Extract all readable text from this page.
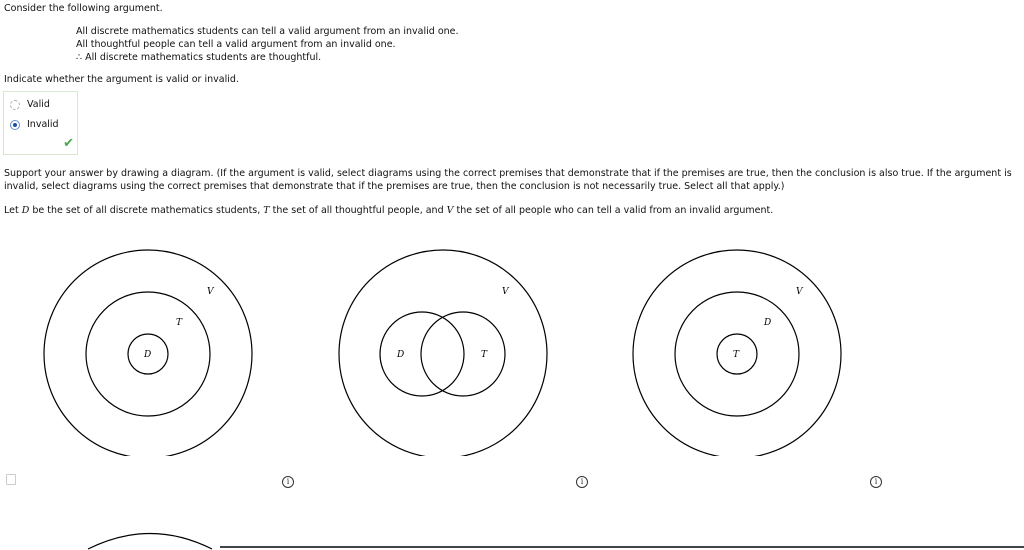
Consider the following argument.
All discrete mathematics students can tell a valid argument from an invalid one.
All thoughtful people can tell a valid argument from an invalid one.
∴ All discrete mathematics students are thoughtful.
Indicate whether the argument is valid or invalid.
Valid
Invalid
✔
Support your answer by drawing a diagram. (If the argument is valid, select diagrams using the correct premises that demonstrate that if the premises are true, then the conclusion is also true. If the argument is invalid, select diagrams using the correct premises that demonstrate that if the premises are true, then the conclusion is not necessarily true. Select all that apply.)
Let D be the set of all discrete mathematics students, T the set of all thoughtful people, and V the set of all people who can tell a valid from an invalid argument.
V
T
D
V
D	T
V
D
T
i	i	i
